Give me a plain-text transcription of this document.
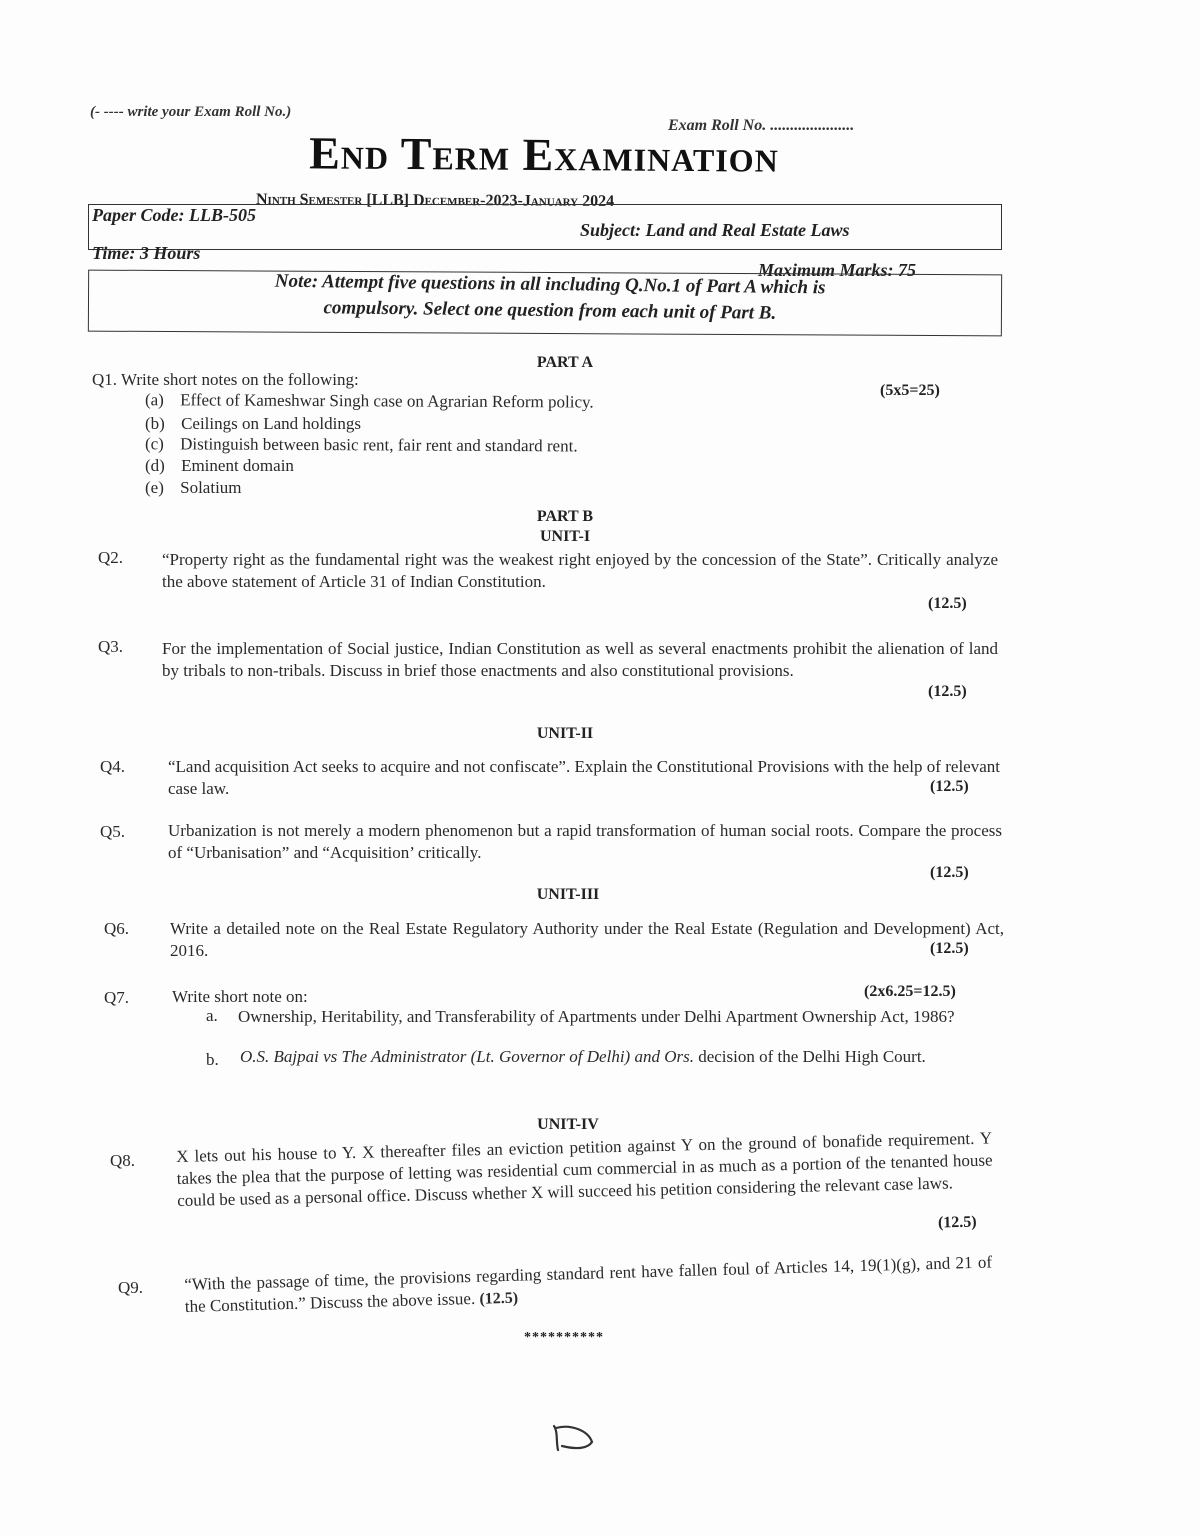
(- ---- write your Exam Roll No.)
Exam Roll No. .....................
End Term Examination
Ninth Semester [LLB] December-2023-January 2024
Paper Code: LLB-505
Subject: Land and Real Estate Laws
Time: 3 Hours
Maximum Marks: 75
Note: Attempt five questions in all including Q.No.1 of Part A which is
compulsory. Select one question from each unit of Part B.
PART A
Q1. Write short notes on the following:
(5x5=25)
(a) Effect of Kameshwar Singh case on Agrarian Reform policy.
(b) Ceilings on Land holdings
(c) Distinguish between basic rent, fair rent and standard rent.
(d) Eminent domain
(e) Solatium
PART B
UNIT-I
Q2. “Property right as the fundamental right was the weakest right enjoyed by the concession of the State”. Critically analyze the above statement of Article 31 of Indian Constitution.
(12.5)
Q3. For the implementation of Social justice, Indian Constitution as well as several enactments prohibit the alienation of land by tribals to non-tribals. Discuss in brief those enactments and also constitutional provisions.
(12.5)
UNIT-II
Q4.	“Land acquisition Act seeks to acquire and not confiscate”. Explain the Constitutional Provisions with the help of relevant case law.	(12.5)
Q5.	Urbanization is not merely a modern phenomenon but a rapid transformation of human social roots. Compare the process of “Urbanisation” and “Acquisition’ critically.
(12.5)
UNIT-III
Q6. Write a detailed note on the Real Estate Regulatory Authority under the Real Estate (Regulation and Development) Act, 2016.	(12.5)
Q7.	Write short note on:	(2x6.25=12.5)
a. Ownership, Heritability, and Transferability of Apartments under Delhi Apartment Ownership Act, 1986?
b. O.S. Bajpai vs The Administrator (Lt. Governor of Delhi) and Ors. decision of the Delhi High Court.
UNIT-IV
Q8. X lets out his house to Y. X thereafter files an eviction petition against Y on the ground of bonafide requirement. Y takes the plea that the purpose of letting was residential cum commercial in as much as a portion of the tenanted house could be used as a personal office. Discuss whether X will succeed his petition considering the relevant case laws.
(12.5)
Q9. “With the passage of time, the provisions regarding standard rent have fallen foul of Articles 14, 19(1)(g), and 21 of the Constitution.” Discuss the above issue. (12.5)
**********
